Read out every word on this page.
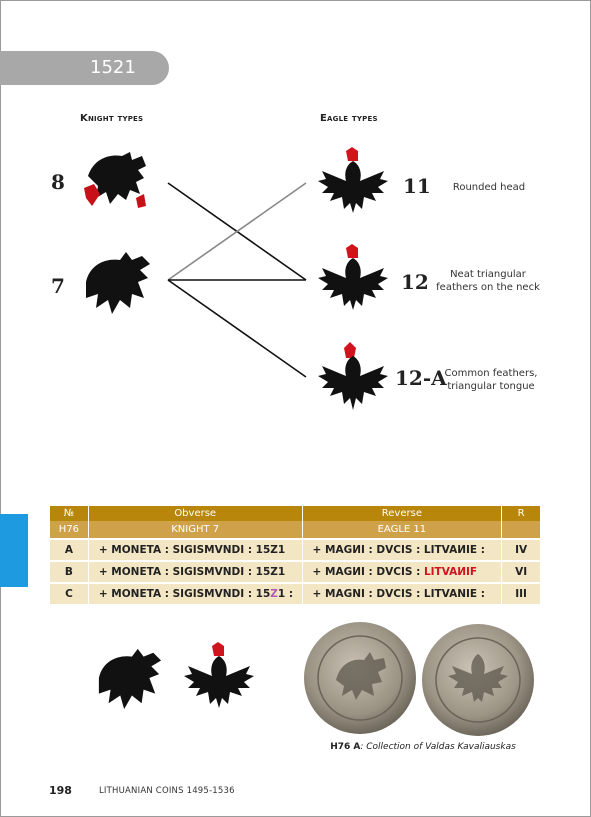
1521
Knight types	Eagle types
8
7
11	Rounded head
12	Neat triangular feathers on the neck
12-A
Common feathers, triangular tongue
№	Obverse	Reverse	R
H76	KNIGHT 7	EAGLE 11	
A	+ MONETA : SIGISMVNDI : 15Z1	+ MAGИI : DVCIS : LITVAИIE :	IV
B	+ MONETA : SIGISMVNDI : 15Z1	+ MAGИI : DVCIS : LITVAИIF	VI
C	+ MONETA : SIGISMVNDI : 15Z1 :	+ MAGNI : DVCIS : LITVANIE :	III
H76 A: Collection of Valdas Kavaliauskas
198	LITHUANIAN COINS 1495-1536
